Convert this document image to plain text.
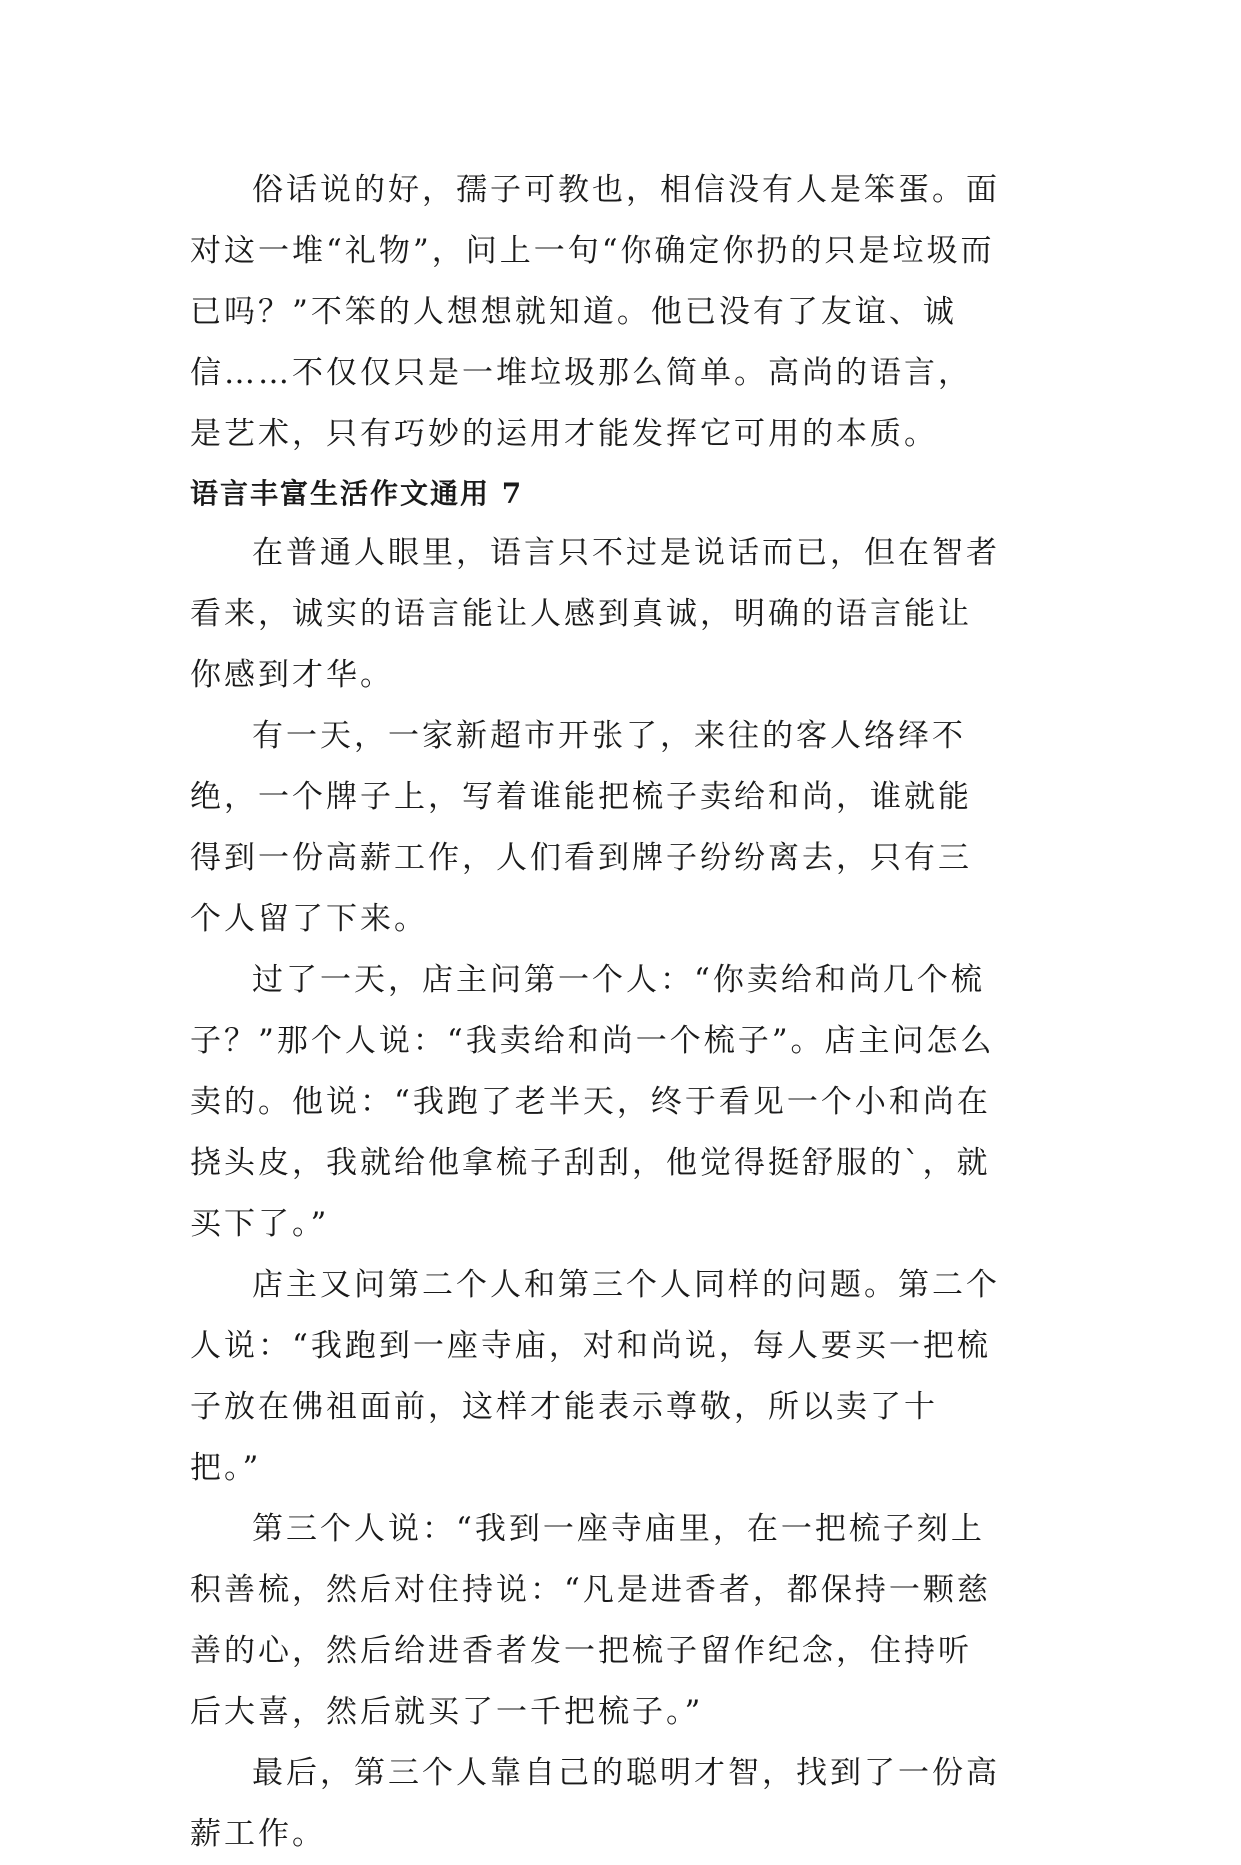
俗话说的好，孺子可教也，相信没有人是笨蛋。面对这一堆“礼物”，问上一句“你确定你扔的只是垃圾而已吗？”不笨的人想想就知道。他已没有了友谊、诚信……不仅仅只是一堆垃圾那么简单。高尚的语言，是艺术，只有巧妙的运用才能发挥它可用的本质。

语言丰富生活作文通用 7

在普通人眼里，语言只不过是说话而已，但在智者看来，诚实的语言能让人感到真诚，明确的语言能让你感到才华。

有一天，一家新超市开张了，来往的客人络绎不绝，一个牌子上，写着谁能把梳子卖给和尚，谁就能得到一份高薪工作，人们看到牌子纷纷离去，只有三个人留了下来。

过了一天，店主问第一个人：“你卖给和尚几个梳子？”那个人说：“我卖给和尚一个梳子”。店主问怎么卖的。他说：“我跑了老半天，终于看见一个小和尚在挠头皮，我就给他拿梳子刮刮，他觉得挺舒服的`，就买下了。”

店主又问第二个人和第三个人同样的问题。第二个人说：“我跑到一座寺庙，对和尚说，每人要买一把梳子放在佛祖面前，这样才能表示尊敬，所以卖了十把。”

第三个人说：“我到一座寺庙里，在一把梳子刻上积善梳，然后对住持说：“凡是进香者，都保持一颗慈善的心，然后给进香者发一把梳子留作纪念，住持听后大喜，然后就买了一千把梳子。”

最后，第三个人靠自己的聪明才智，找到了一份高薪工作。
